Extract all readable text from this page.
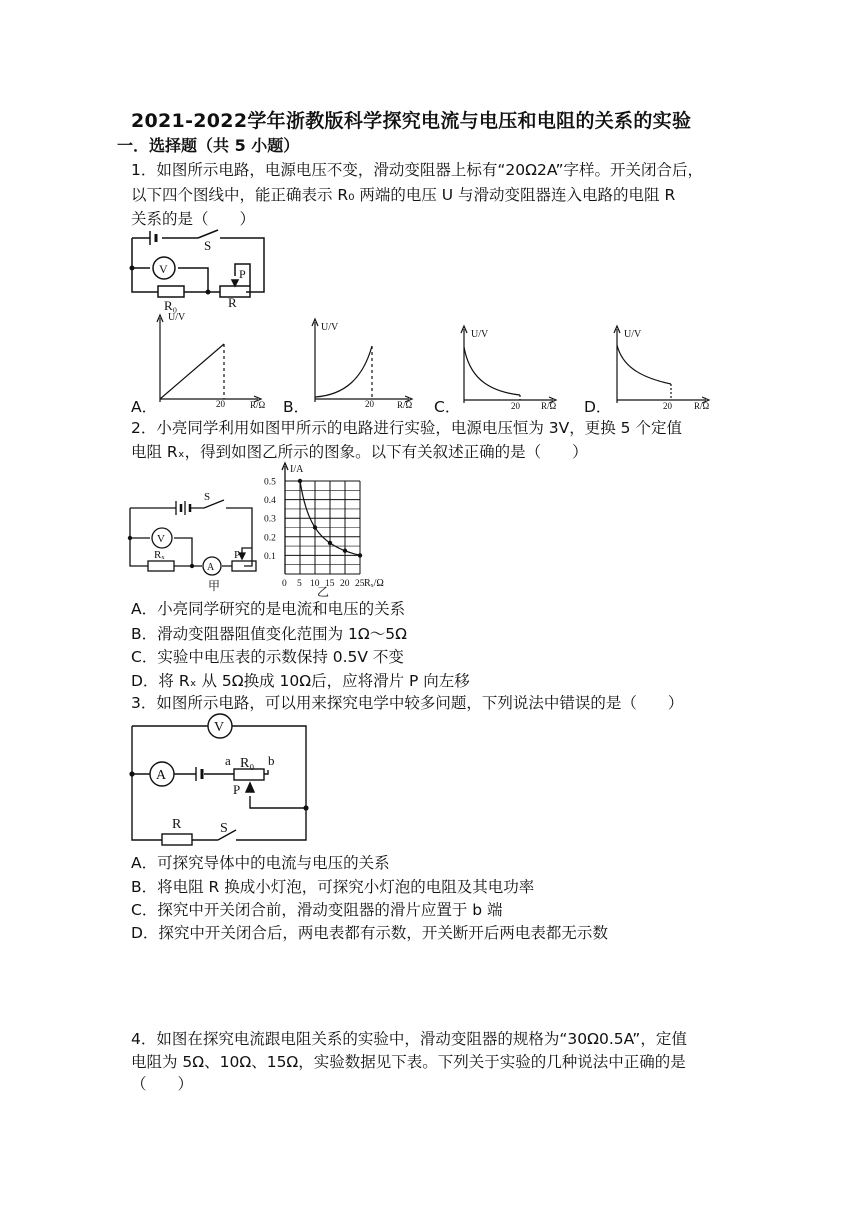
2021-2022学年浙教版科学探究电流与电压和电阻的关系的实验
一．选择题（共 5 小题）
1．如图所示电路，电源电压不变，滑动变阻器上标有“20Ω2A”字样。开关闭合后，
以下四个图线中，能正确表示 R₀ 两端的电压 U 与滑动变阻器连入电路的电阻 R
关系的是（　　）
S
V	P
R₀	R
A．
U/V
20	R/Ω B．
U/V
20	R/Ω C．
U/V
20 R/Ω D．
U/V
20 R/Ω
2．小亮同学利用如图甲所示的电路进行实验，电源电压恒为 3V，更换 5 个定值
电阻 Rₓ，得到如图乙所示的图象。以下有关叙述正确的是（　　）
S
V
A
P
Rₓ
甲
0.5
0.4
0.3
0.2
0.1
0 5 10 15 20 25
I/A
Rₓ/Ω
乙
A．小亮同学研究的是电流和电压的关系
B．滑动变阻器阻值变化范围为 1Ω～5Ω
C．实验中电压表的示数保持 0.5V 不变
D．将 Rₓ 从 5Ω换成 10Ω后，应将滑片 P 向左移
3．如图所示电路，可以用来探究电学中较多问题，下列说法中错误的是（　　）
V
A
a R₀ b
P
R	S
A．可探究导体中的电流与电压的关系
B．将电阻 R 换成小灯泡，可探究小灯泡的电阻及其电功率
C．探究中开关闭合前，滑动变阻器的滑片应置于 b 端
D．探究中开关闭合后，两电表都有示数，开关断开后两电表都无示数
4．如图在探究电流跟电阻关系的实验中，滑动变阻器的规格为“30Ω0.5A”，定值
电阻为 5Ω、10Ω、15Ω，实验数据见下表。下列关于实验的几种说法中正确的是
（　　）
